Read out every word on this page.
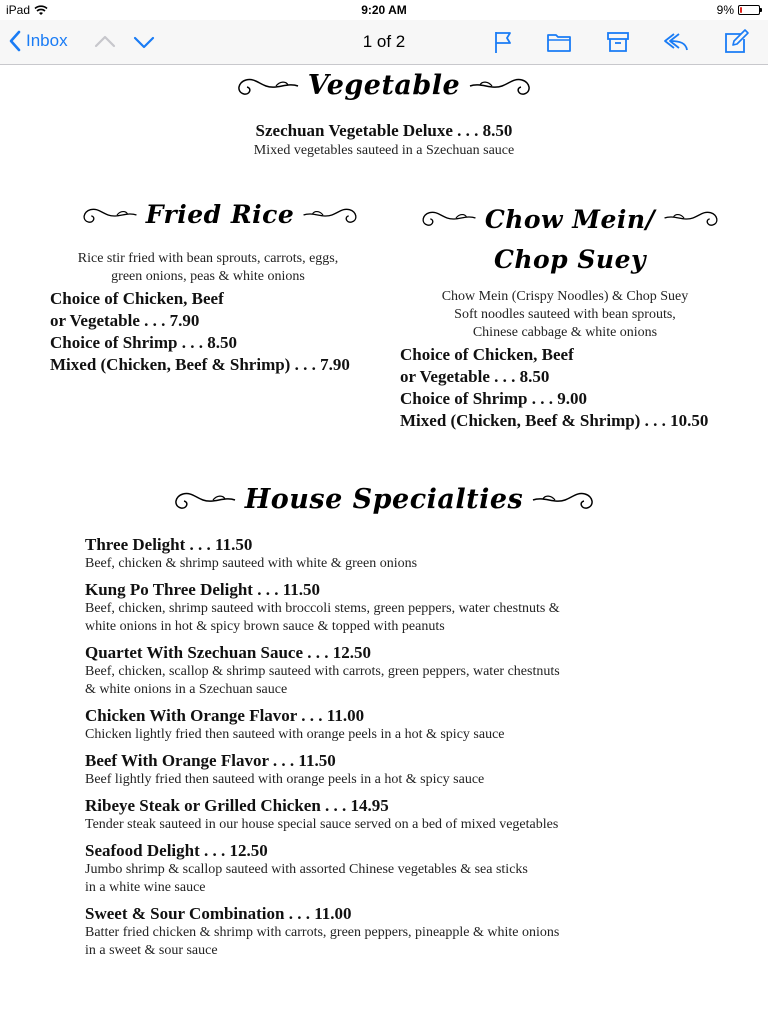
iPad	9:20 AM	9%
Inbox	1 of 2
Vegetable
Szechuan Vegetable Deluxe . . . 8.50
Mixed vegetables sauteed in a Szechuan sauce
Fried Rice
Rice stir fried with bean sprouts, carrots, eggs,
green onions, peas & white onions
Choice of Chicken, Beef
or Vegetable . . . 7.90
Choice of Shrimp . . . 8.50
Mixed (Chicken, Beef & Shrimp) . . . 7.90
Chow Mein/
Chop Suey
Chow Mein (Crispy Noodles) & Chop Suey
Soft noodles sauteed with bean sprouts,
Chinese cabbage & white onions
Choice of Chicken, Beef
or Vegetable . . . 8.50
Choice of Shrimp . . . 9.00
Mixed (Chicken, Beef & Shrimp) . . . 10.50
House Specialties
Three Delight . . . 11.50
Beef, chicken & shrimp sauteed with white & green onions
Kung Po Three Delight . . . 11.50
Beef, chicken, shrimp sauteed with broccoli stems, green peppers, water chestnuts &
white onions in hot & spicy brown sauce & topped with peanuts
Quartet With Szechuan Sauce . . . 12.50
Beef, chicken, scallop & shrimp sauteed with carrots, green peppers, water chestnuts
& white onions in a Szechuan sauce
Chicken With Orange Flavor . . . 11.00
Chicken lightly fried then sauteed with orange peels in a hot & spicy sauce
Beef With Orange Flavor . . . 11.50
Beef lightly fried then sauteed with orange peels in a hot & spicy sauce
Ribeye Steak or Grilled Chicken . . . 14.95
Tender steak sauteed in our house special sauce served on a bed of mixed vegetables
Seafood Delight . . . 12.50
Jumbo shrimp & scallop sauteed with assorted Chinese vegetables & sea sticks
in a white wine sauce
Sweet & Sour Combination . . . 11.00
Batter fried chicken & shrimp with carrots, green peppers, pineapple & white onions
in a sweet & sour sauce
